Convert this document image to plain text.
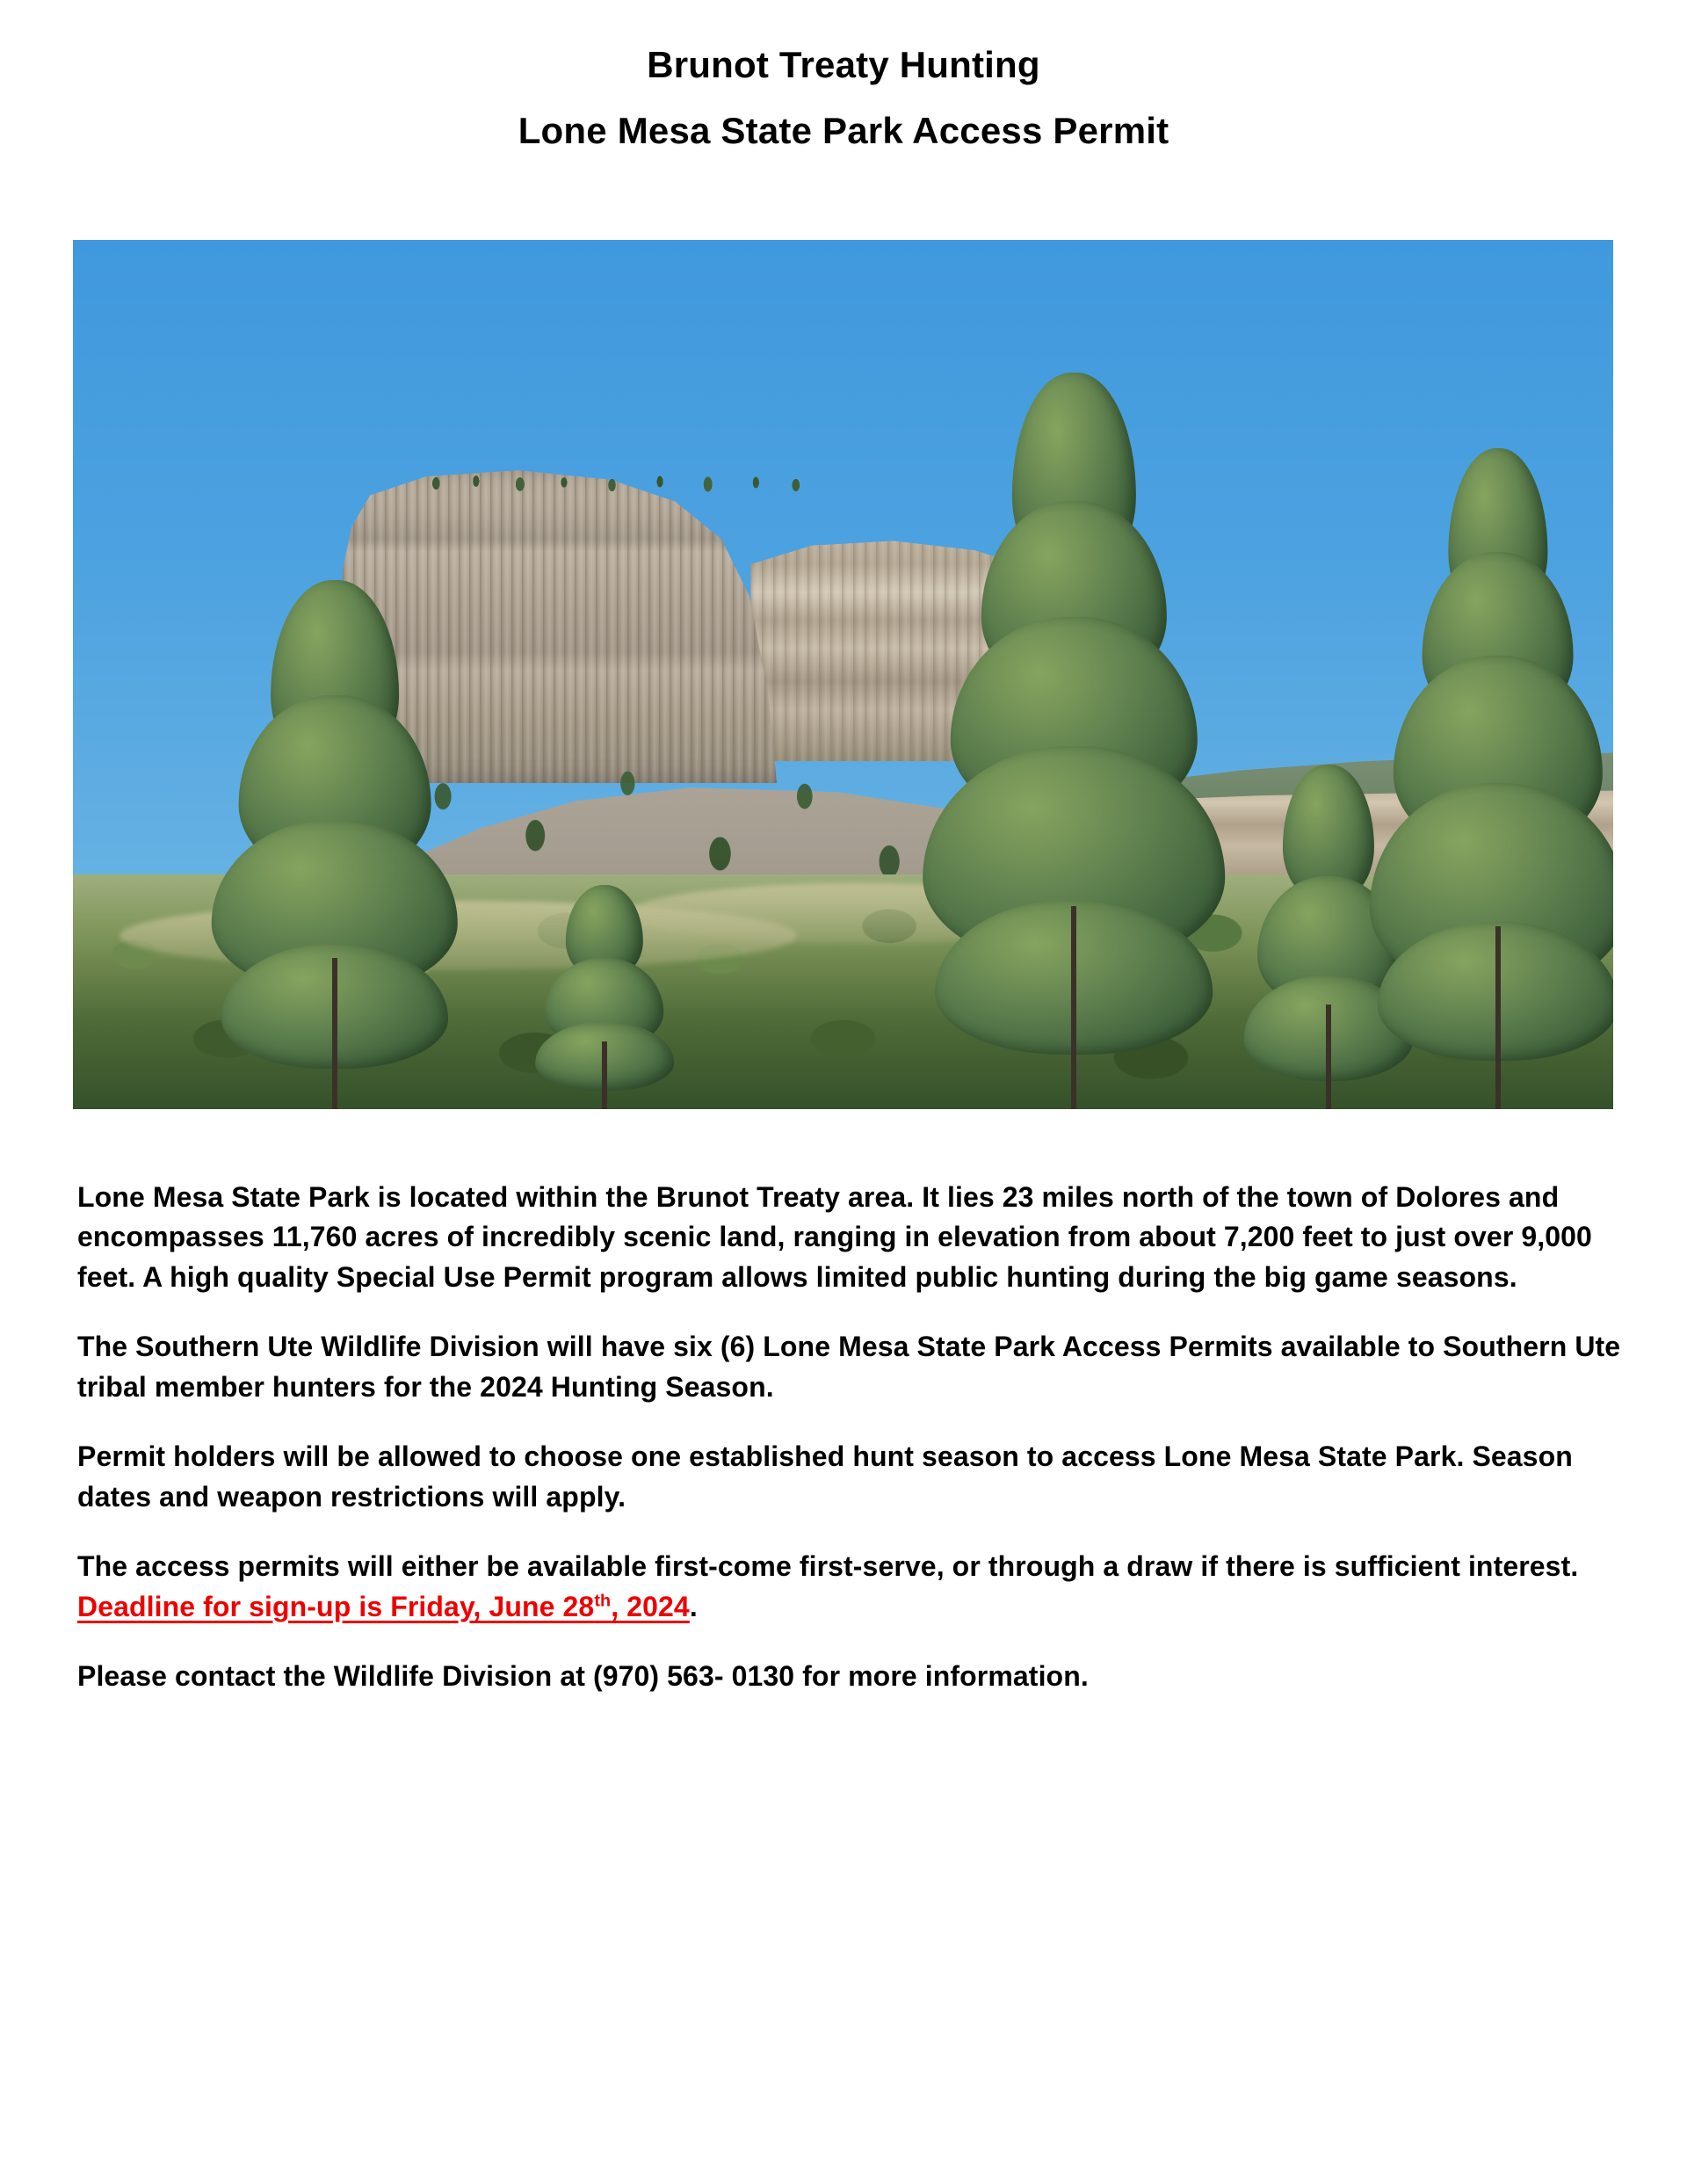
Brunot Treaty Hunting
Lone Mesa State Park Access Permit

Lone Mesa State Park is located within the Brunot Treaty area. It lies 23 miles north of the town of Dolores and encompasses 11,760 acres of incredibly scenic land, ranging in elevation from about 7,200 feet to just over 9,000 feet. A high quality Special Use Permit program allows limited public hunting during the big game seasons.

The Southern Ute Wildlife Division will have six (6) Lone Mesa State Park Access Permits available to Southern Ute tribal member hunters for the 2024 Hunting Season.

Permit holders will be allowed to choose one established hunt season to access Lone Mesa State Park. Season dates and weapon restrictions will apply.

The access permits will either be available first-come first-serve, or through a draw if there is sufficient interest. Deadline for sign-up is Friday, June 28th, 2024.

Please contact the Wildlife Division at (970) 563- 0130 for more information.
